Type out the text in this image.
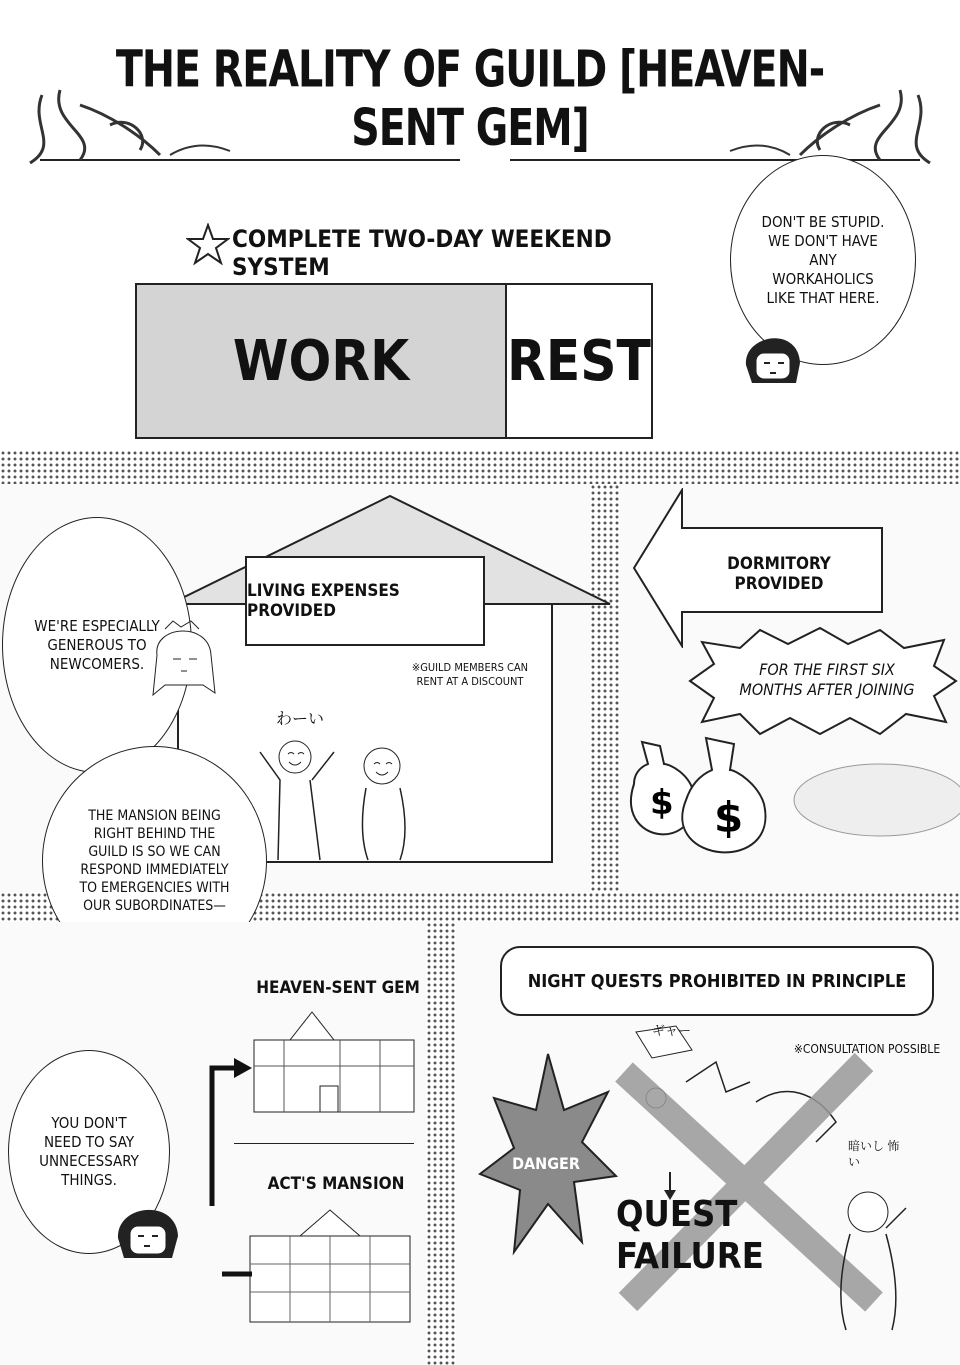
THE REALITY OF GUILD [HEAVEN-SENT GEM]
COMPLETE TWO-DAY WEEKEND SYSTEM
WORK	REST
DON'T BE STUPID. WE DON'T HAVE ANY WORKAHOLICS LIKE THAT HERE.
LIVING EXPENSES PROVIDED
※GUILD MEMBERS CAN RENT AT A DISCOUNT
わーい
WE'RE ESPECIALLY GENEROUS TO NEWCOMERS.
THE MANSION BEING RIGHT BEHIND THE GUILD IS SO WE CAN RESPOND IMMEDIATELY TO EMERGENCIES WITH OUR SUBORDINATES—
DORMITORY PROVIDED
FOR THE FIRST SIX MONTHS AFTER JOINING
$ $
HEAVEN-SENT GEM
ACT'S MANSION
YOU DON'T NEED TO SAY UNNECESSARY THINGS.
NIGHT QUESTS PROHIBITED IN PRINCIPLE
※CONSULTATION POSSIBLE
DANGER
ギャー
QUEST
FAILURE
暗いし 怖い
